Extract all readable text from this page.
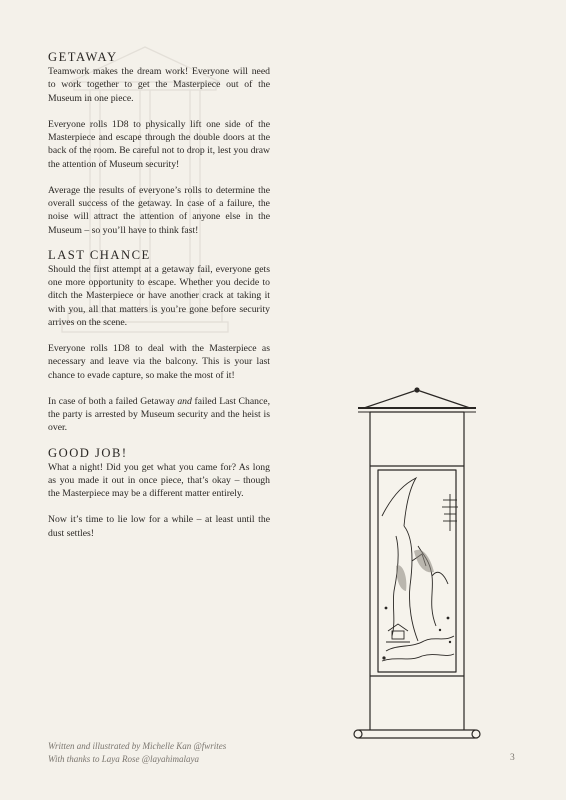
GETAWAY

Teamwork makes the dream work! Everyone will need to work together to get the Masterpiece out of the Museum in one piece.

Everyone rolls 1D8 to physically lift one side of the Masterpiece and escape through the double doors at the back of the room. Be careful not to drop it, lest you draw the attention of Museum security!

Average the results of everyone’s rolls to determine the overall success of the getaway. In case of a failure, the noise will attract the attention of anyone else in the Museum – so you’ll have to think fast!

LAST CHANCE

Should the first attempt at a getaway fail, everyone gets one more opportunity to escape. Whether you decide to ditch the Masterpiece or have another crack at taking it with you, all that matters is you’re gone before security arrives on the scene.

Everyone rolls 1D8 to deal with the Masterpiece as necessary and leave via the balcony. This is your last chance to evade capture, so make the most of it!

In case of both a failed Getaway and failed Last Chance, the party is arrested by Museum security and the heist is over.

GOOD JOB!

What a night! Did you get what you came for? As long as you made it out in once piece, that’s okay – though the Masterpiece may be a different matter entirely.

Now it’s time to lie low for a while – at least until the dust settles!

Written and illustrated by Michelle Kan @fwrites
With thanks to Laya Rose @layahimalaya	3
